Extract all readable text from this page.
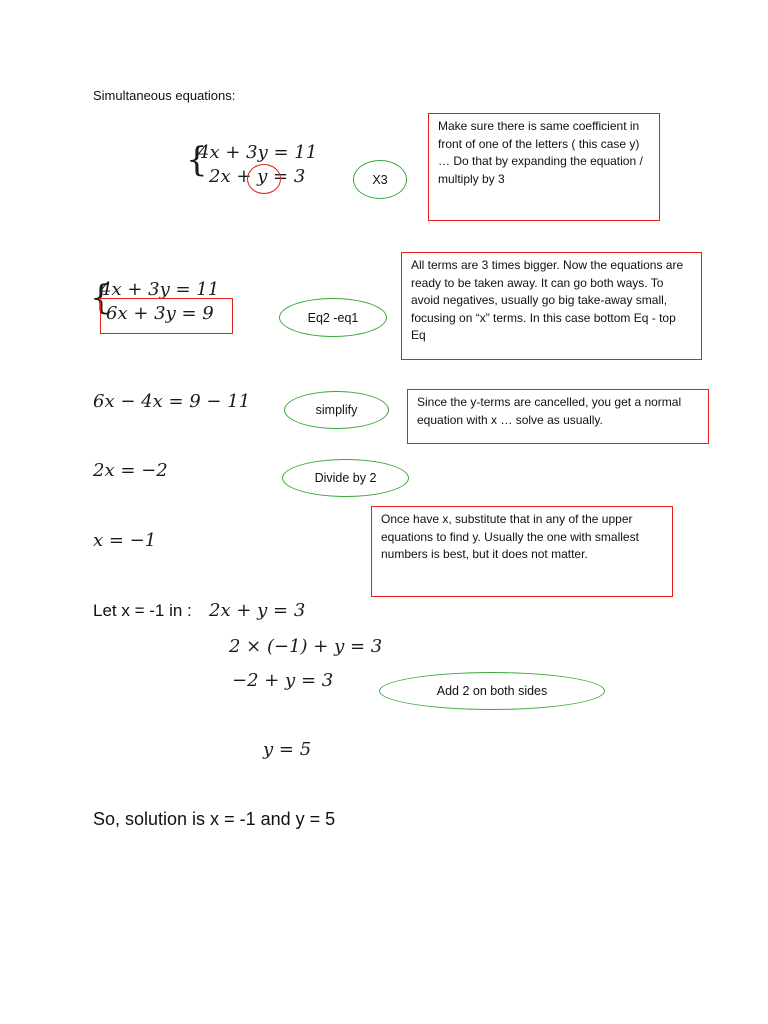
Simultaneous equations:
{
4x + 3y = 11
2x + y = 3	X3
Make sure there is same coefficient in front of one of the letters ( this case y) … Do that by expanding the equation / multiply by 3
{
4x + 3y = 11
6x + 3y = 9	Eq2 -eq1
All terms are 3 times bigger. Now the equations are ready to be taken away. It can go both ways. To avoid negatives, usually go big take-away small, focusing on “x” terms. In this case bottom Eq - top Eq
6x − 4x = 9 − 11	simplify
Since the y-terms are cancelled, you get a normal equation with x … solve as usually.
2x = −2	Divide by 2
x = −1
Once have x, substitute that in any of the upper equations to find y. Usually the one with smallest numbers is best, but it does not matter.
Let x = -1 in : 2x + y = 3
2 × (−1) + y = 3
−2 + y = 3	Add 2 on both sides
y = 5
So, solution is x = -1 and y = 5
